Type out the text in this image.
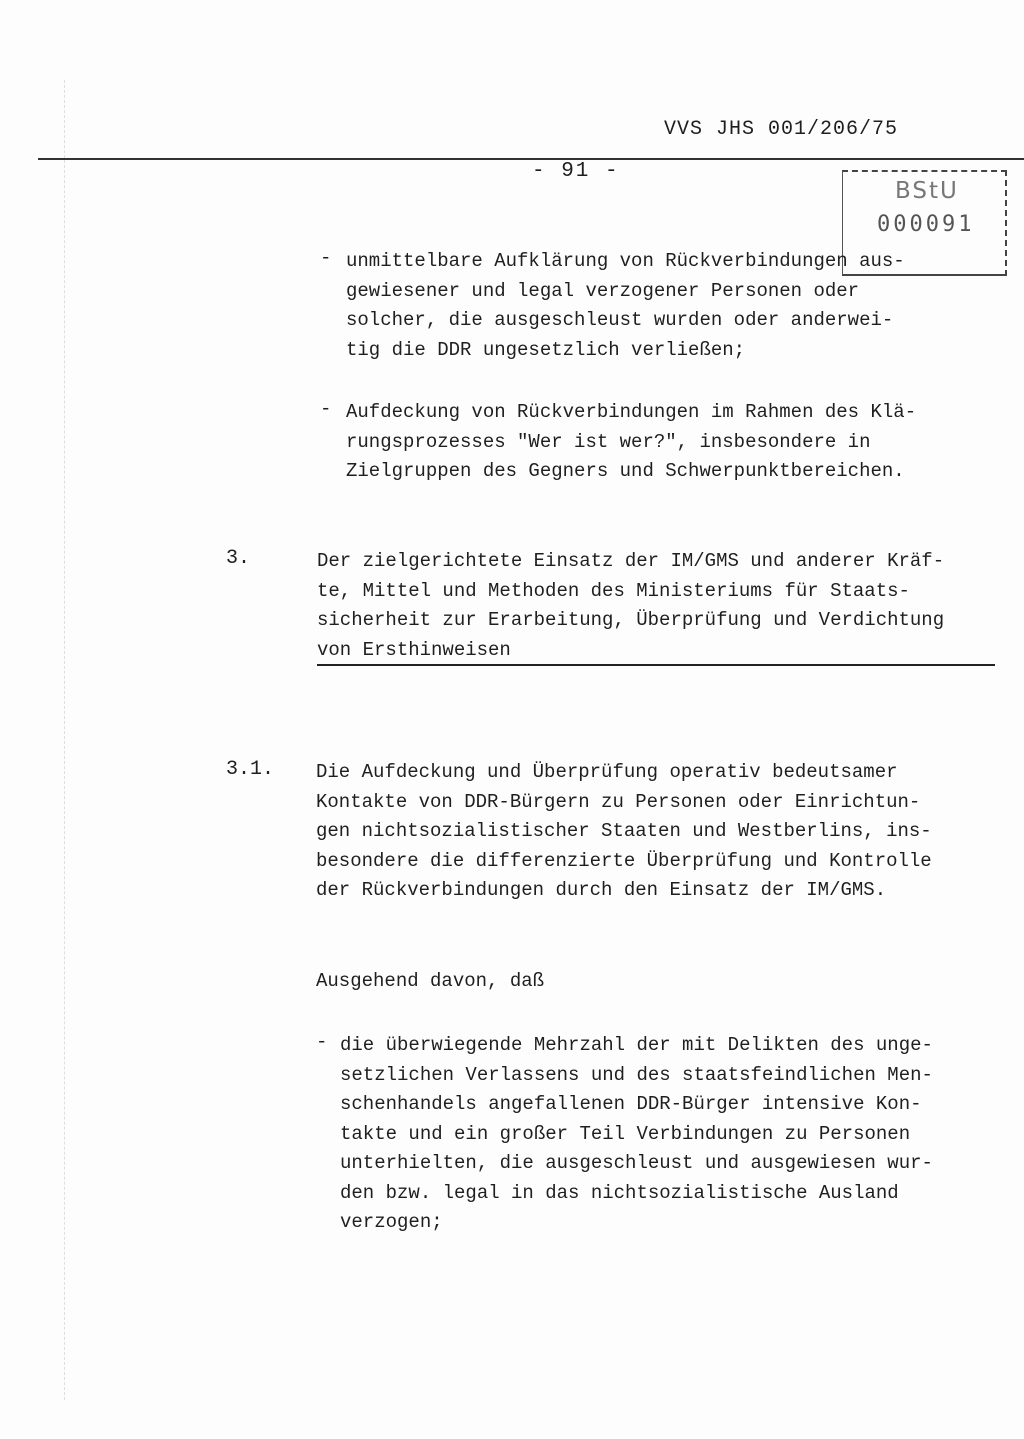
VVS JHS 001/206/75
- 91 -
BStU
000091
- unmittelbare Aufklärung von Rückverbindungen aus-
gewiesener und legal verzogener Personen oder
solcher, die ausgeschleust wurden oder anderwei-
tig die DDR ungesetzlich verließen;
- Aufdeckung von Rückverbindungen im Rahmen des Klä-
rungsprozesses "Wer ist wer?", insbesondere in
Zielgruppen des Gegners und Schwerpunktbereichen.
3.	Der zielgerichtete Einsatz der IM/GMS und anderer Kräf-
te, Mittel und Methoden des Ministeriums für Staats-
sicherheit zur Erarbeitung, Überprüfung und Verdichtung
von Ersthinweisen
3.1. Die Aufdeckung und Überprüfung operativ bedeutsamer
Kontakte von DDR-Bürgern zu Personen oder Einrichtun-
gen nichtsozialistischer Staaten und Westberlins, ins-
besondere die differenzierte Überprüfung und Kontrolle
der Rückverbindungen durch den Einsatz der IM/GMS.
Ausgehend davon, daß
- die überwiegende Mehrzahl der mit Delikten des unge-
setzlichen Verlassens und des staatsfeindlichen Men-
schenhandels angefallenen DDR-Bürger intensive Kon-
takte und ein großer Teil Verbindungen zu Personen
unterhielten, die ausgeschleust und ausgewiesen wur-
den bzw. legal in das nichtsozialistische Ausland
verzogen;
